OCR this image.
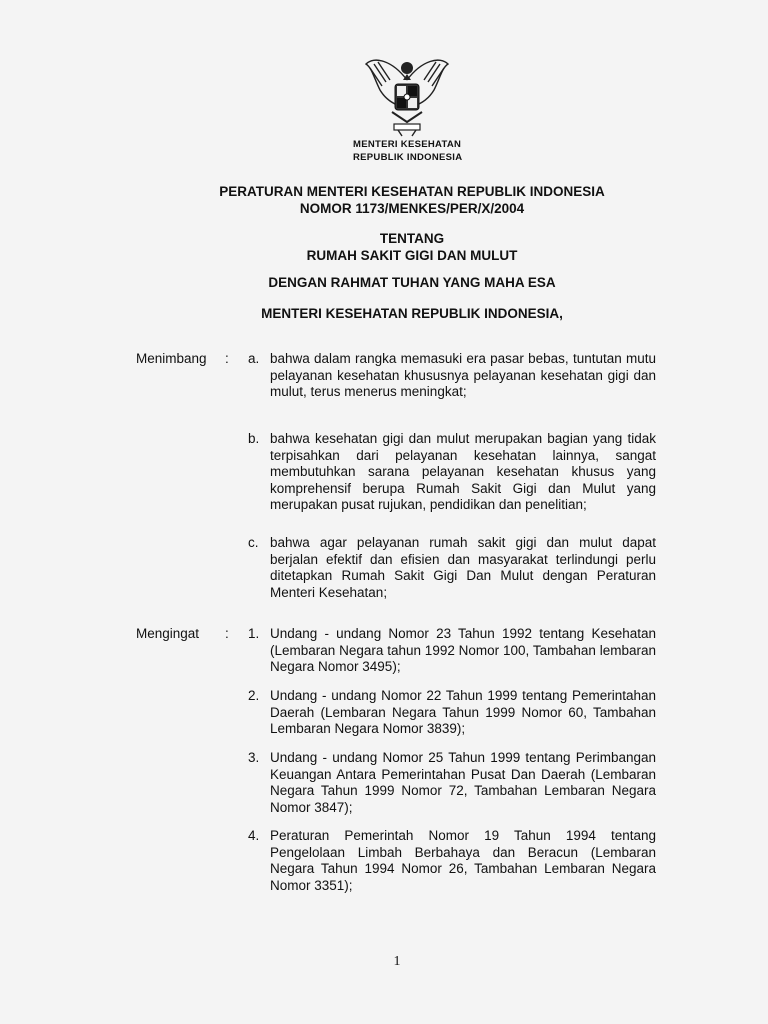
MENTERI KESEHATAN
REPUBLIK INDONESIA
PERATURAN MENTERI KESEHATAN REPUBLIK INDONESIA
NOMOR 1173/MENKES/PER/X/2004
TENTANG
RUMAH SAKIT GIGI DAN MULUT
DENGAN RAHMAT TUHAN YANG MAHA ESA
MENTERI KESEHATAN REPUBLIK INDONESIA,
Menimbang : a. bahwa dalam rangka memasuki era pasar bebas, tuntutan mutu pelayanan kesehatan khususnya pelayanan kesehatan gigi dan mulut, terus menerus meningkat;
b. bahwa kesehatan gigi dan mulut merupakan bagian yang tidak terpisahkan dari pelayanan kesehatan lainnya, sangat membutuhkan sarana pelayanan kesehatan khusus yang komprehensif berupa Rumah Sakit Gigi dan Mulut yang merupakan pusat rujukan, pendidikan dan penelitian;
c. bahwa agar pelayanan rumah sakit gigi dan mulut dapat berjalan efektif dan efisien dan masyarakat terlindungi perlu ditetapkan Rumah Sakit Gigi Dan Mulut dengan Peraturan Menteri Kesehatan;
Mengingat : 1. Undang - undang Nomor 23 Tahun 1992 tentang Kesehatan (Lembaran Negara tahun 1992 Nomor 100, Tambahan lembaran Negara Nomor 3495);
2. Undang - undang Nomor 22 Tahun 1999 tentang Pemerintahan Daerah (Lembaran Negara Tahun 1999 Nomor 60, Tambahan Lembaran Negara Nomor 3839);
3. Undang - undang Nomor 25 Tahun 1999 tentang Perimbangan Keuangan Antara Pemerintahan Pusat Dan Daerah (Lembaran Negara Tahun 1999 Nomor 72, Tambahan Lembaran Negara Nomor 3847);
4. Peraturan Pemerintah Nomor 19 Tahun 1994 tentang Pengelolaan Limbah Berbahaya dan Beracun (Lembaran Negara Tahun 1994 Nomor 26, Tambahan Lembaran Negara Nomor 3351);
1
